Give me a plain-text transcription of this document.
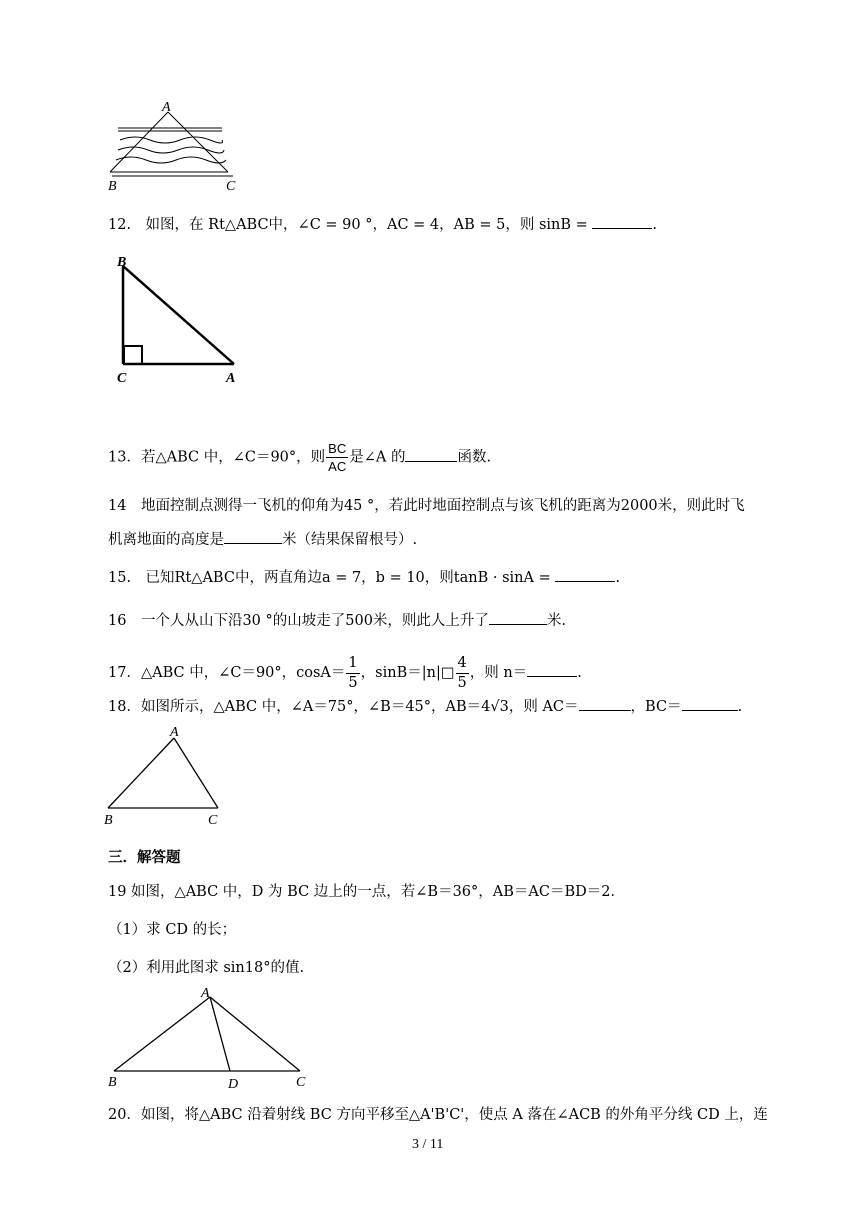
A
B	C
12.　如图，在 Rt△ABC中，∠C = 90 °，AC = 4，AB = 5，则 sinB =	.
B
C	A
13．若△ABC 中，∠C＝90°，则 $\frac{BC}{AC}$ 是∠A 的	函数.
14　地面控制点测得一飞机的仰角为45 °，若此时地面控制点与该飞机的距离为2000米，则此时飞
机离地面的高度是	米（结果保留根号）.
15.　已知Rt△ABC中，两直角边a = 7，b = 10，则tanB · sinA =	.
16　一个人从山下沿30 °的山坡走了500米，则此人上升了	米.
17．△ABC 中，∠C＝90°，$\cos A= \frac{1}{5}$ ，sinB＝|n|□ $\frac{4}{5}$ ，则 n＝	.
18．如图所示，△ABC 中，∠A＝75°，∠B＝45°，AB＝4√3，则 AC＝	，BC＝	.
A
B	C
三．解答题
19 如图，△ABC 中，D 为 BC 边上的一点，若∠B＝36°，AB＝AC＝BD＝2．
（1）求 CD 的长；
（2）利用此图求 sin18°的值.
A
B	D	C
20．如图，将△ABC 沿着射线 BC 方向平移至△A'B'C'，使点 A 落在∠ACB 的外角平分线 CD 上，连
3 / 11
